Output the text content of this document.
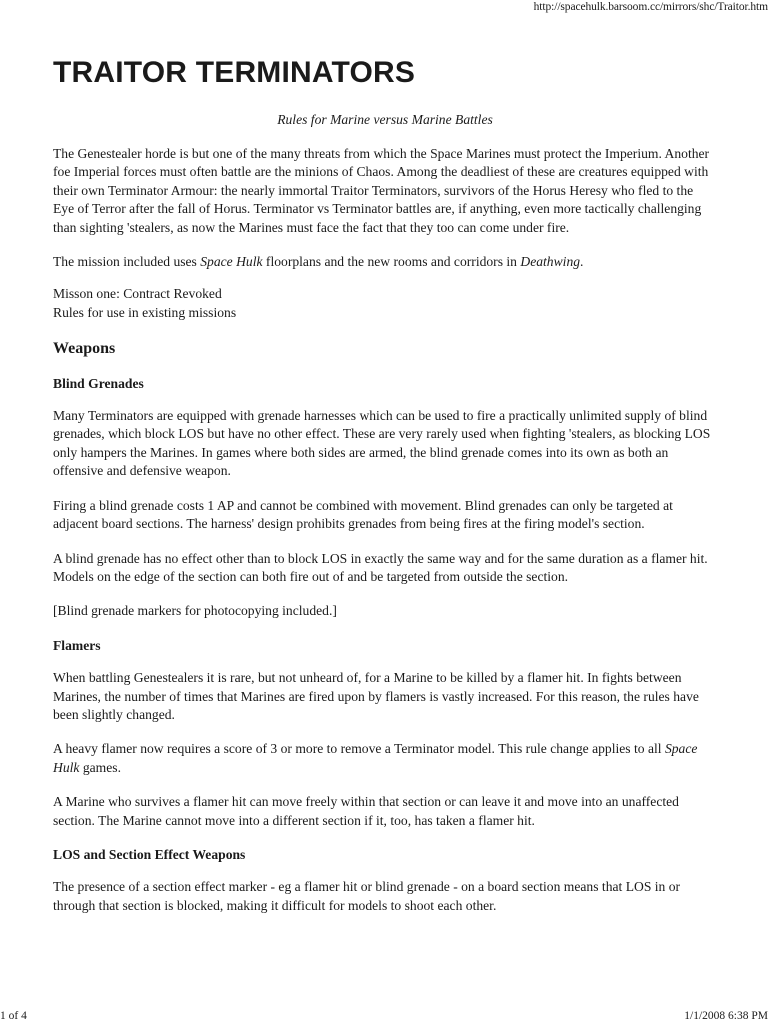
http://spacehulk.barsoom.cc/mirrors/shc/Traitor.htm
TRAITOR TERMINATORS
Rules for Marine versus Marine Battles

The Genestealer horde is but one of the many threats from which the Space Marines must protect the Imperium. Another foe Imperial forces must often battle are the minions of Chaos. Among the deadliest of these are creatures equipped with their own Terminator Armour: the nearly immortal Traitor Terminators, survivors of the Horus Heresy who fled to the Eye of Terror after the fall of Horus. Terminator vs Terminator battles are, if anything, even more tactically challenging than sighting 'stealers, as now the Marines must face the fact that they too can come under fire.

The mission included uses Space Hulk floorplans and the new rooms and corridors in Deathwing.

Misson one: Contract Revoked
Rules for use in existing missions

Weapons
Blind Grenades

Many Terminators are equipped with grenade harnesses which can be used to fire a practically unlimited supply of blind grenades, which block LOS but have no other effect. These are very rarely used when fighting 'stealers, as blocking LOS only hampers the Marines. In games where both sides are armed, the blind grenade comes into its own as both an offensive and defensive weapon.

Firing a blind grenade costs 1 AP and cannot be combined with movement. Blind grenades can only be targeted at adjacent board sections. The harness' design prohibits grenades from being fires at the firing model's section.

A blind grenade has no effect other than to block LOS in exactly the same way and for the same duration as a flamer hit. Models on the edge of the section can both fire out of and be targeted from outside the section.

[Blind grenade markers for photocopying included.]

Flamers

When battling Genestealers it is rare, but not unheard of, for a Marine to be killed by a flamer hit. In fights between Marines, the number of times that Marines are fired upon by flamers is vastly increased. For this reason, the rules have been slightly changed.

A heavy flamer now requires a score of 3 or more to remove a Terminator model. This rule change applies to all Space Hulk games.

A Marine who survives a flamer hit can move freely within that section or can leave it and move into an unaffected section. The Marine cannot move into a different section if it, too, has taken a flamer hit.

LOS and Section Effect Weapons

The presence of a section effect marker - eg a flamer hit or blind grenade - on a board section means that LOS in or through that section is blocked, making it difficult for models to shoot each other.

1 of 4	1/1/2008 6:38 PM
